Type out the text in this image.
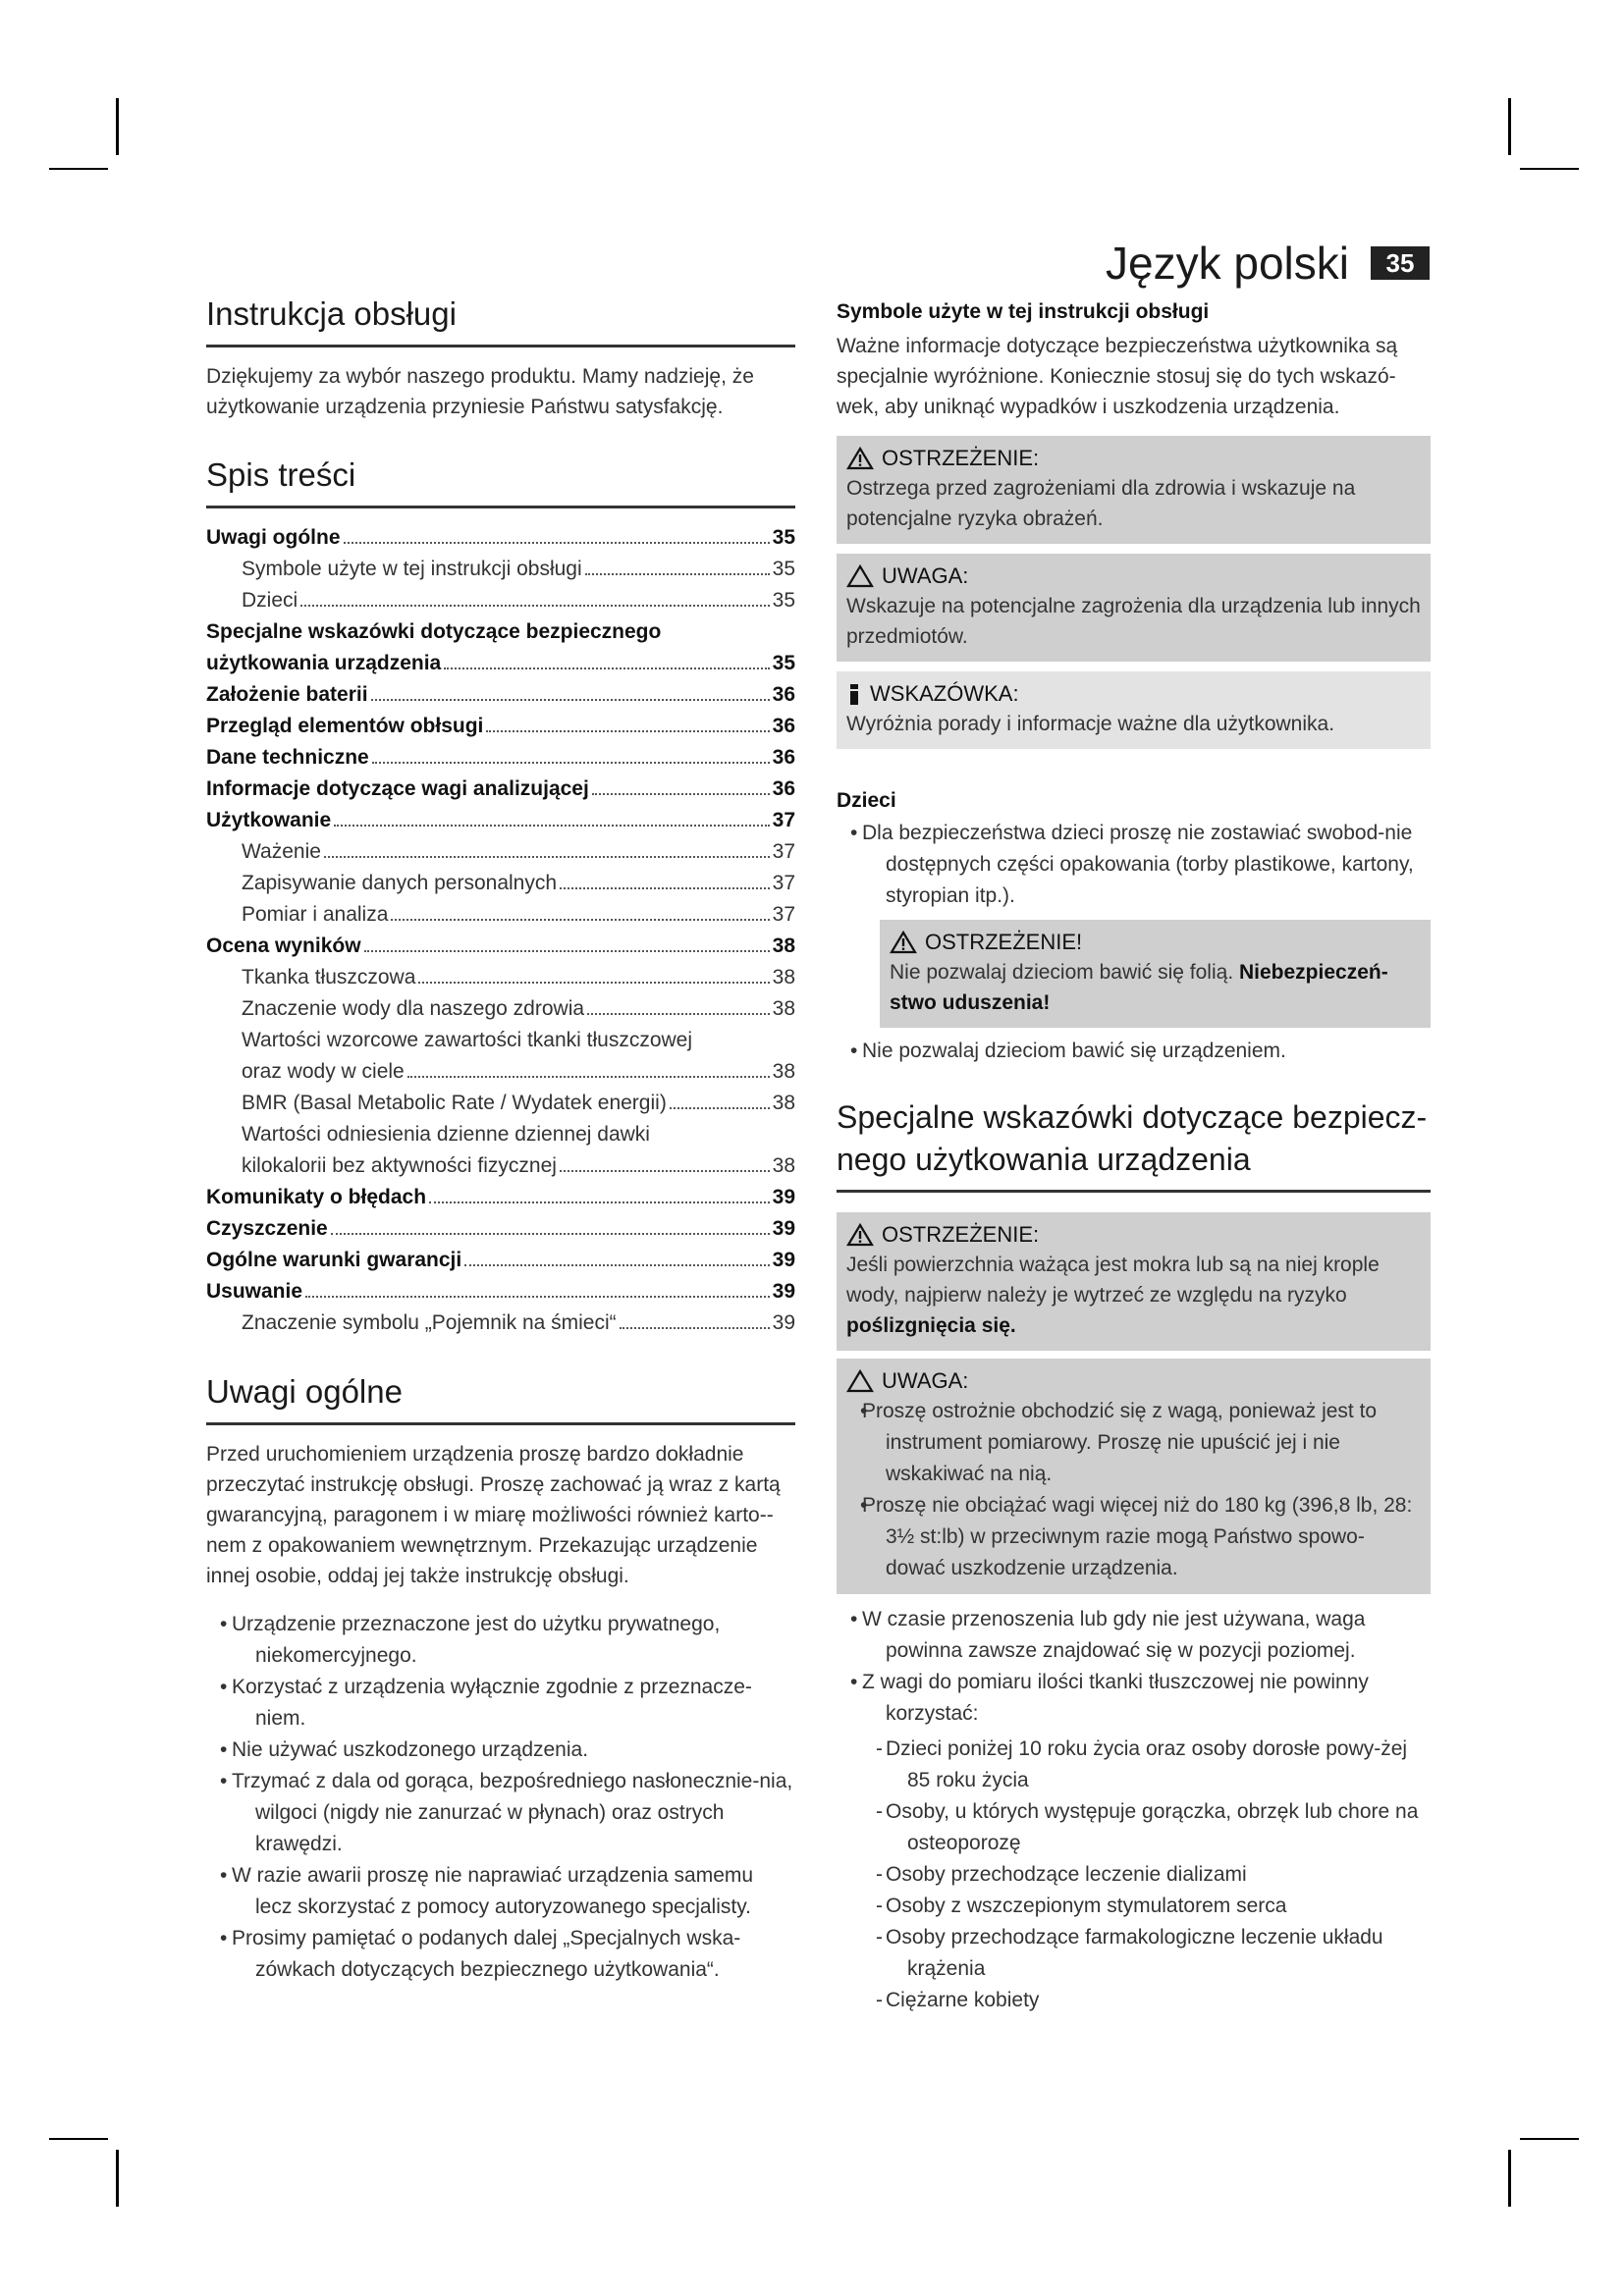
Język polski	35
Instrukcja obsługi

Dziękujemy za wybór naszego produktu. Mamy nadzieję, że użytkowanie urządzenia przyniesie Państwu satysfakcję.

Spis treści
Uwagi ogólne	35
Symbole użyte w tej instrukcji obsługi	35
Dzieci	35
Specjalne wskazówki dotyczące bezpiecznego
użytkowania urządzenia	35
Założenie baterii	36
Przegląd elementów obłsugi	36
Dane techniczne	36
Informacje dotyczące wagi analizującej	36
Użytkowanie	37
Ważenie	37
Zapisywanie danych personalnych	37
Pomiar i analiza	37
Ocena wyników	38
Tkanka tłuszczowa	38
Znaczenie wody dla naszego zdrowia	38
Wartości wzorcowe zawartości tkanki tłuszczowej
oraz wody w ciele	38
BMR (Basal Metabolic Rate / Wydatek energii)	38
Wartości odniesienia dzienne dziennej dawki
kilokalorii bez aktywności fizycznej	38
Komunikaty o błędach	39
Czyszczenie	39
Ogólne warunki gwarancji	39
Usuwanie	39
Znaczenie symbolu „Pojemnik na śmieci“	39
Uwagi ogólne

Przed uruchomieniem urządzenia proszę bardzo dokładnie przeczytać instrukcję obsługi. Proszę zachować ją wraz z kartą gwarancyjną, paragonem i w miarę możliwości również karto--nem z opakowaniem wewnętrznym. Przekazując urządzenie innej osobie, oddaj jej także instrukcję obsługi.

• Urządzenie przeznaczone jest do użytku prywatnego, niekomercyjnego.
• Korzystać z urządzenia wyłącznie zgodnie z przeznacze-niem.
• Nie używać uszkodzonego urządzenia.
• Trzymać z dala od gorąca, bezpośredniego nasłonecznie-nia, wilgoci (nigdy nie zanurzać w płynach) oraz ostrych krawędzi.
• W razie awarii proszę nie naprawiać urządzenia samemu lecz skorzystać z pomocy autoryzowanego specjalisty.
• Prosimy pamiętać o podanych dalej „Specjalnych wska-zówkach dotyczących bezpiecznego użytkowania“.
Symbole użyte w tej instrukcji obsługi

Ważne informacje dotyczące bezpieczeństwa użytkownika są specjalnie wyróżnione. Koniecznie stosuj się do tych wskazó-wek, aby uniknąć wypadków i uszkodzenia urządzenia.

OSTRZEŻENIE:

Ostrzega przed zagrożeniami dla zdrowia i wskazuje na potencjalne ryzyka obrażeń.

UWAGA:

Wskazuje na potencjalne zagrożenia dla urządzenia lub innych przedmiotów.

WSKAZÓWKA:

Wyróżnia porady i informacje ważne dla użytkownika.

Dzieci
• Dla bezpieczeństwa dzieci proszę nie zostawiać swobod-nie dostępnych części opakowania (torby plastikowe, kartony, styropian itp.).
OSTRZEŻENIE!

Nie pozwalaj dzieciom bawić się folią. Niebezpieczeń-stwo uduszenia!

• Nie pozwalaj dzieciom bawić się urządzeniem.
Specjalne wskazówki dotyczące bezpiecz-nego użytkowania urządzenia
OSTRZEŻENIE:

Jeśli powierzchnia ważąca jest mokra lub są na niej krople wody, najpierw należy je wytrzeć ze względu na ryzyko poślizgnięcia się.

UWAGA:
• Proszę ostrożnie obchodzić się z wagą, ponieważ jest to instrument pomiarowy. Proszę nie upuścić jej i nie wskakiwać na nią.
• Proszę nie obciążać wagi więcej niż do 180 kg (396,8 lb, 28: 3½ st:lb) w przeciwnym razie mogą Państwo spowo-dować uszkodzenie urządzenia.
• W czasie przenoszenia lub gdy nie jest używana, waga powinna zawsze znajdować się w pozycji poziomej.
• Z wagi do pomiaru ilości tkanki tłuszczowej nie powinny korzystać:
- Dzieci poniżej 10 roku życia oraz osoby dorosłe powy-żej 85 roku życia
- Osoby, u których występuje gorączka, obrzęk lub chore na osteoporozę
- Osoby przechodzące leczenie dializami
- Osoby z wszczepionym stymulatorem serca
- Osoby przechodzące farmakologiczne leczenie układu krążenia
- Ciężarne kobiety
